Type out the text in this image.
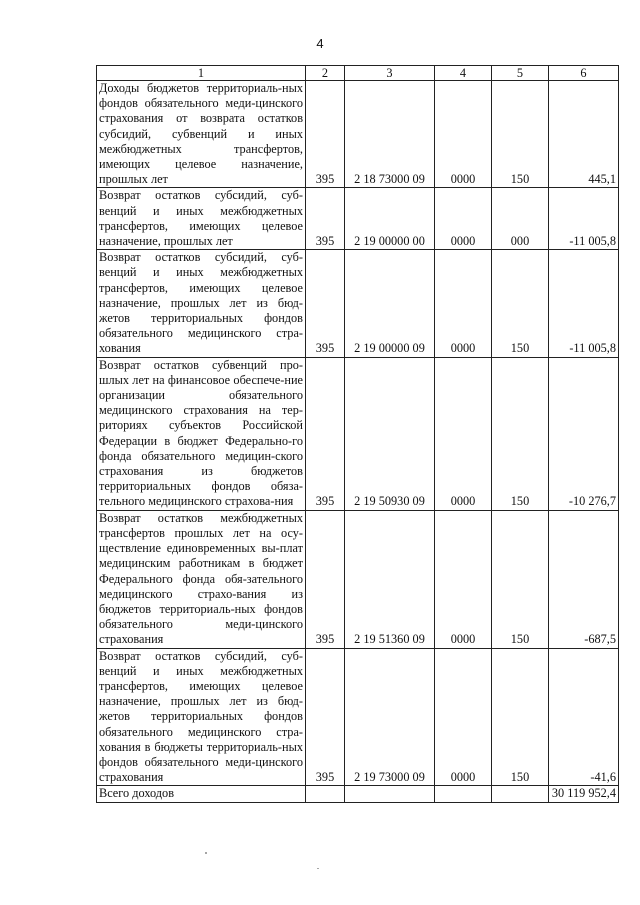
4
1	2	3	4	5	6
Доходы бюджетов территориаль-ных фондов обязательного меди-цинского страхования от возврата остатков субсидий, субвенций и иных межбюджетных трансфертов, имеющих целевое назначение, прошлых лет	395	2 18 73000 09	0000	150	445,1
Возврат остатков субсидий, суб-венций и иных межбюджетных трансфертов, имеющих целевое назначение, прошлых лет	395	2 19 00000 00	0000	000	-11 005,8
Возврат остатков субсидий, суб-венций и иных межбюджетных трансфертов, имеющих целевое назначение, прошлых лет из бюд-жетов территориальных фондов обязательного медицинского стра-хования	395	2 19 00000 09	0000	150	-11 005,8
Возврат остатков субвенций про-шлых лет на финансовое обеспече-ние организации обязательного медицинского страхования на тер-риториях субъектов Российской Федерации в бюджет Федерально-го фонда обязательного медицин-ского страхования из бюджетов территориальных фондов обяза-тельного медицинского страхова-ния	395	2 19 50930 09	0000	150	-10 276,7
Возврат остатков межбюджетных трансфертов прошлых лет на осу-ществление единовременных вы-плат медицинским работникам в бюджет Федерального фонда обя-зательного медицинского страхо-вания из бюджетов территориаль-ных фондов обязательного меди-цинского страхования	395	2 19 51360 09	0000	150	-687,5
Возврат остатков субсидий, суб-венций и иных межбюджетных трансфертов, имеющих целевое назначение, прошлых лет из бюд-жетов территориальных фондов обязательного медицинского стра-хования в бюджеты территориаль-ных фондов обязательного меди-цинского страхования	395	2 19 73000 09	0000	150	-41,6
Всего доходов					30 119 952,4
